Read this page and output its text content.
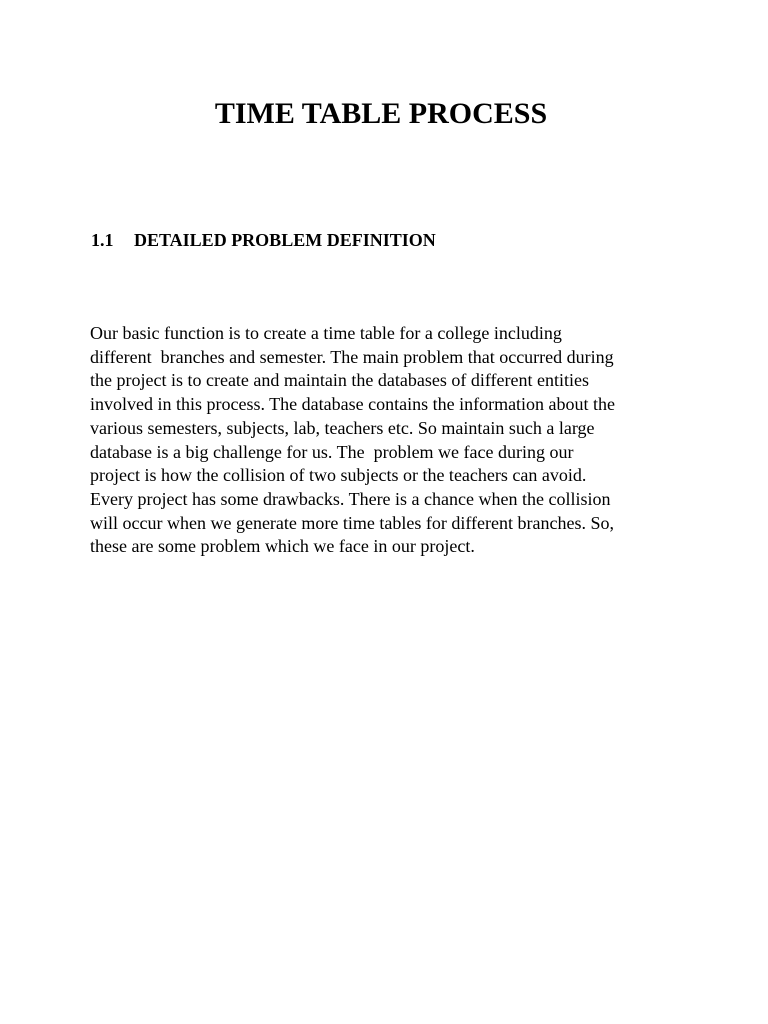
TIME TABLE PROCESS
1.1 DETAILED PROBLEM DEFINITION

Our basic function is to create a time table for a college including
different  branches and semester. The main problem that occurred during
the project is to create and maintain the databases of different entities
involved in this process. The database contains the information about the
various semesters, subjects, lab, teachers etc. So maintain such a large
database is a big challenge for us. The  problem we face during our
project is how the collision of two subjects or the teachers can avoid.
Every project has some drawbacks. There is a chance when the collision
will occur when we generate more time tables for different branches. So,
these are some problem which we face in our project.
